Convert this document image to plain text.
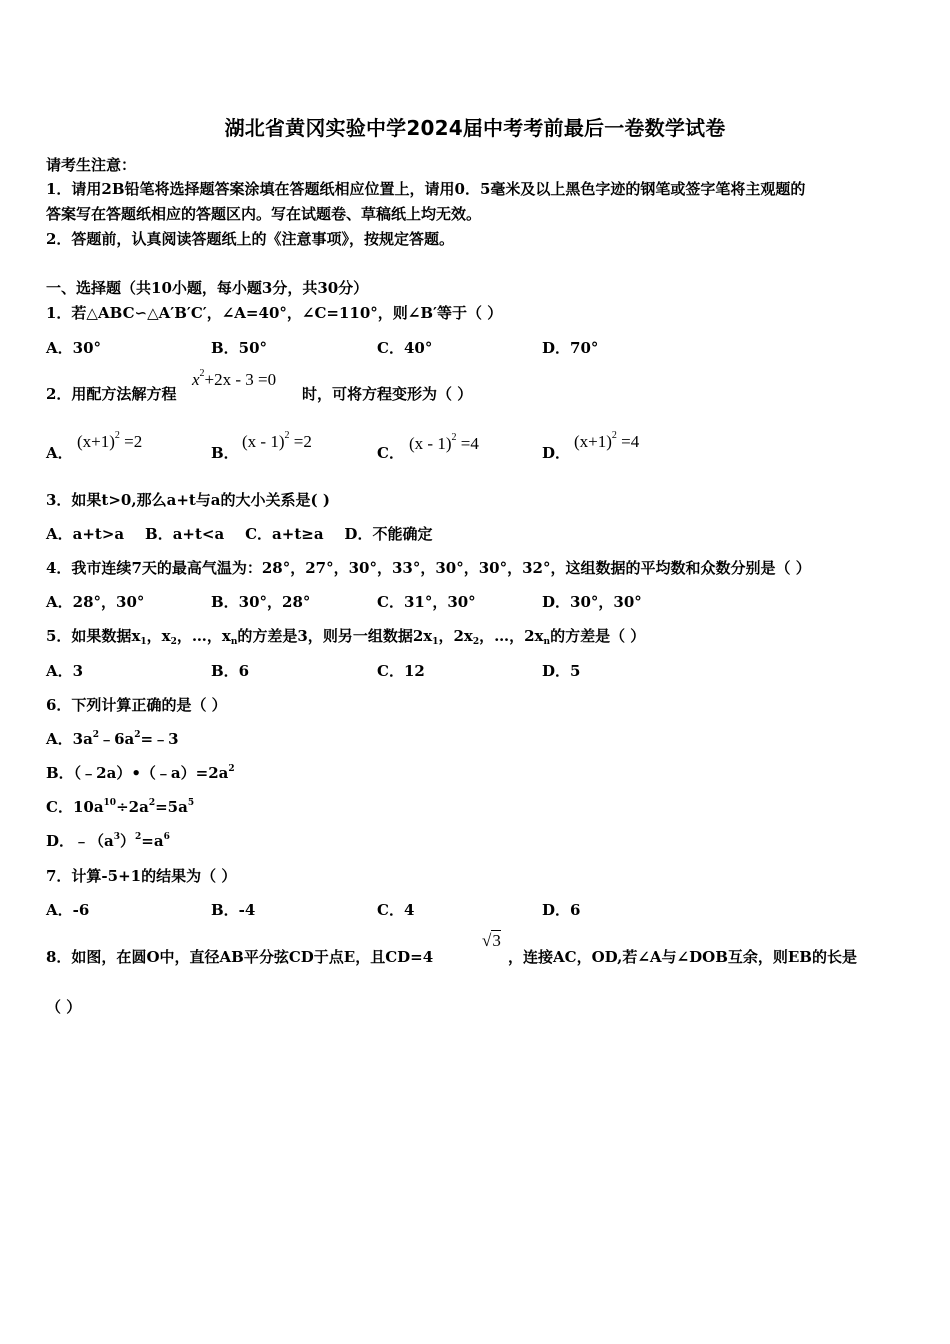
湖北省黄冈实验中学2024届中考考前最后一卷数学试卷
请考生注意：
1．请用2B铅笔将选择题答案涂填在答题纸相应位置上，请用0．5毫米及以上黑色字迹的钢笔或签字笔将主观题的
答案写在答题纸相应的答题区内。写在试题卷、草稿纸上均无效。
2．答题前，认真阅读答题纸上的《注意事项》，按规定答题。
一、选择题（共10小题，每小题3分，共30分）
1．若△ABC∽△A′B′C′，∠A=40°，∠C=110°，则∠B′等于（ ）
A．30°	B．50°	C．40°	D．70°
2．用配方法解方程
$x^2+2x - 3 =0$
时，可将方程变形为（ ）
A．
$(x+1)^2 =2$
B．
(x - 1)$^2$ =2
C． (x - 1)$^2$ =4	D．
$(x+1)^2 =4$
3．如果t>0,那么a+t与a的大小关系是( )
A．a+t>a    B．a+t<a    C．a+t≥a    D．不能确定
4．我市连续7天的最高气温为：28°，27°，30°，33°，30°，30°，32°，这组数据的平均数和众数分别是（ ）
A．28°，30°	B．30°，28°	C．31°，30°	D．30°，30°
5．如果数据$x_1$，$x_2$，…，$x_n$的方差是3，则另一组数据$2x_1$，$2x_2$，…，$2x_n$的方差是（ ）
A．3	B．6	C．12	D．5
6．下列计算正确的是（ ）
A．$3a^2﹣6a^2=﹣3$
B．$(﹣2a)•(﹣a)=2a^2$
C．$10a^{10}\div 2a^2=5a^5$
D．$﹣(a^3)^2=a^6$
7．计算-5+1的结果为（ ）
A．-6	B．-4	C．4	D．6
8．如图，在圆O中，直径AB平分弦CD于点E，且CD=4
√3
，连接AC，OD,若∠A与∠DOB互余，则EB的长是
（ ）
